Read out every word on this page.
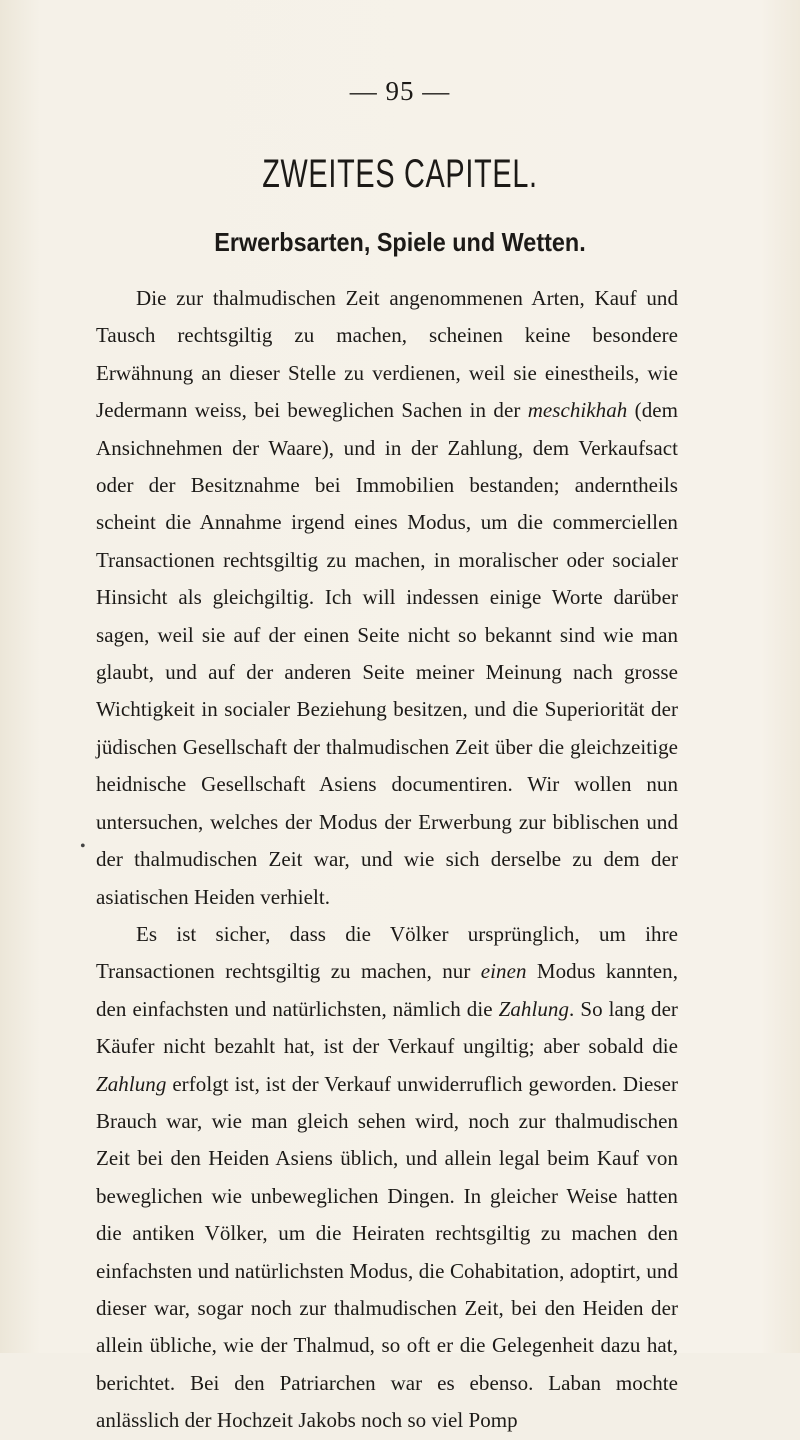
— 95 —
ZWEITES CAPITEL.
Erwerbsarten, Spiele und Wetten.
•

Die zur thalmudischen Zeit angenommenen Arten, Kauf und Tausch rechtsgiltig zu machen, scheinen keine besondere Erwähnung an dieser Stelle zu verdienen, weil sie einestheils, wie Jedermann weiss, bei beweglichen Sachen in der meschikhah (dem Ansichnehmen der Waare), und in der Zahlung, dem Verkaufsact oder der Besitznahme bei Immobilien bestanden; anderntheils scheint die Annahme irgend eines Modus, um die commerciellen Transactionen rechtsgiltig zu machen, in moralischer oder socialer Hinsicht als gleichgiltig. Ich will indessen einige Worte darüber sagen, weil sie auf der einen Seite nicht so bekannt sind wie man glaubt, und auf der anderen Seite meiner Meinung nach grosse Wichtigkeit in socialer Beziehung besitzen, und die Superiorität der jüdischen Gesellschaft der thalmudischen Zeit über die gleichzeitige heidnische Gesellschaft Asiens documentiren. Wir wollen nun untersuchen, welches der Modus der Erwerbung zur biblischen und der thalmudischen Zeit war, und wie sich derselbe zu dem der asiatischen Heiden verhielt.

Es ist sicher, dass die Völker ursprünglich, um ihre Transactionen rechtsgiltig zu machen, nur einen Modus kannten, den einfachsten und natürlichsten, nämlich die Zahlung. So lang der Käufer nicht bezahlt hat, ist der Verkauf ungiltig; aber sobald die Zahlung erfolgt ist, ist der Verkauf unwiderruflich geworden. Dieser Brauch war, wie man gleich sehen wird, noch zur thalmudischen Zeit bei den Heiden Asiens üblich, und allein legal beim Kauf von beweglichen wie unbeweglichen Dingen. In gleicher Weise hatten die antiken Völker, um die Heiraten rechtsgiltig zu machen den einfachsten und natürlichsten Modus, die Cohabitation, adoptirt, und dieser war, sogar noch zur thalmudischen Zeit, bei den Heiden der allein übliche, wie der Thalmud, so oft er die Gelegenheit dazu hat, berichtet. Bei den Patriarchen war es ebenso. Laban mochte anlässlich der Hochzeit Jakobs noch so viel Pomp
